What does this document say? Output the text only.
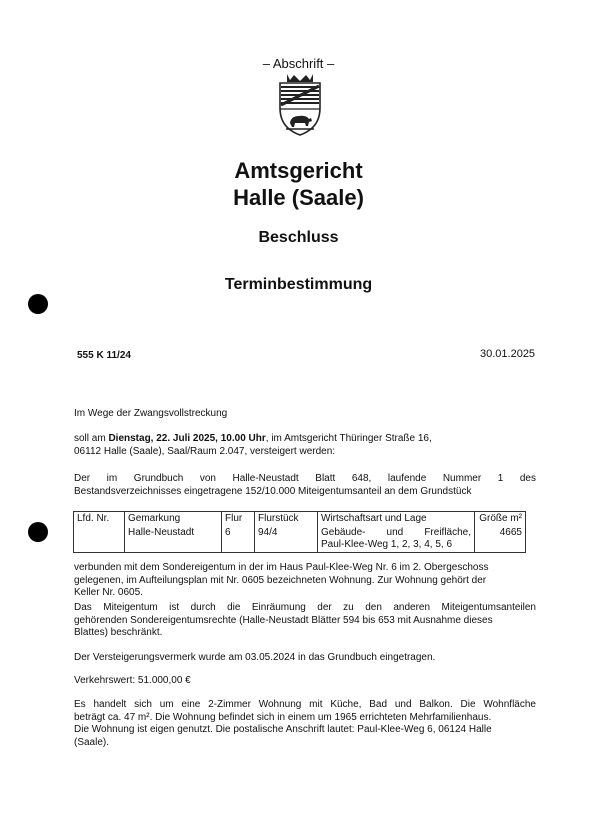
– Abschrift –
Amtsgericht
Halle (Saale)
Beschluss
Terminbestimmung
555 K 11/24	30.01.2025
Im Wege der Zwangsvollstreckung
soll am Dienstag, 22. Juli 2025, 10.00 Uhr, im Amtsgericht Thüringer Straße 16,
06112 Halle (Saale), Saal/Raum 2.047, versteigert werden:
Der im Grundbuch von Halle-Neustadt Blatt 648, laufende Nummer 1 des
Bestandsverzeichnisses eingetragene 152/10.000 Miteigentumsanteil an dem Grundstück
Lfd. Nr.	Gemarkung	Flur	Flurstück	Wirtschaftsart und Lage	Größe m²
	Halle-Neustadt	6	94/4	Gebäude- und Freifläche,
Paul-Klee-Weg 1, 2, 3, 4, 5, 6	4665
verbunden mit dem Sondereigentum in der im Haus Paul-Klee-Weg Nr. 6 im 2. Obergeschoss
gelegenen, im Aufteilungsplan mit Nr. 0605 bezeichneten Wohnung. Zur Wohnung gehört der
Keller Nr. 0605.
Das Miteigentum ist durch die Einräumung der zu den anderen Miteigentumsanteilen
gehörenden Sondereigentumsrechte (Halle-Neustadt Blätter 594 bis 653 mit Ausnahme dieses
Blattes) beschränkt.
Der Versteigerungsvermerk wurde am 03.05.2024 in das Grundbuch eingetragen.
Verkehrswert: 51.000,00 €
Es handelt sich um eine 2-Zimmer Wohnung mit Küche, Bad und Balkon. Die Wohnfläche
beträgt ca. 47 m². Die Wohnung befindet sich in einem um 1965 errichteten Mehrfamilienhaus.
Die Wohnung ist eigen genutzt. Die postalische Anschrift lautet: Paul-Klee-Weg 6, 06124 Halle
(Saale).
